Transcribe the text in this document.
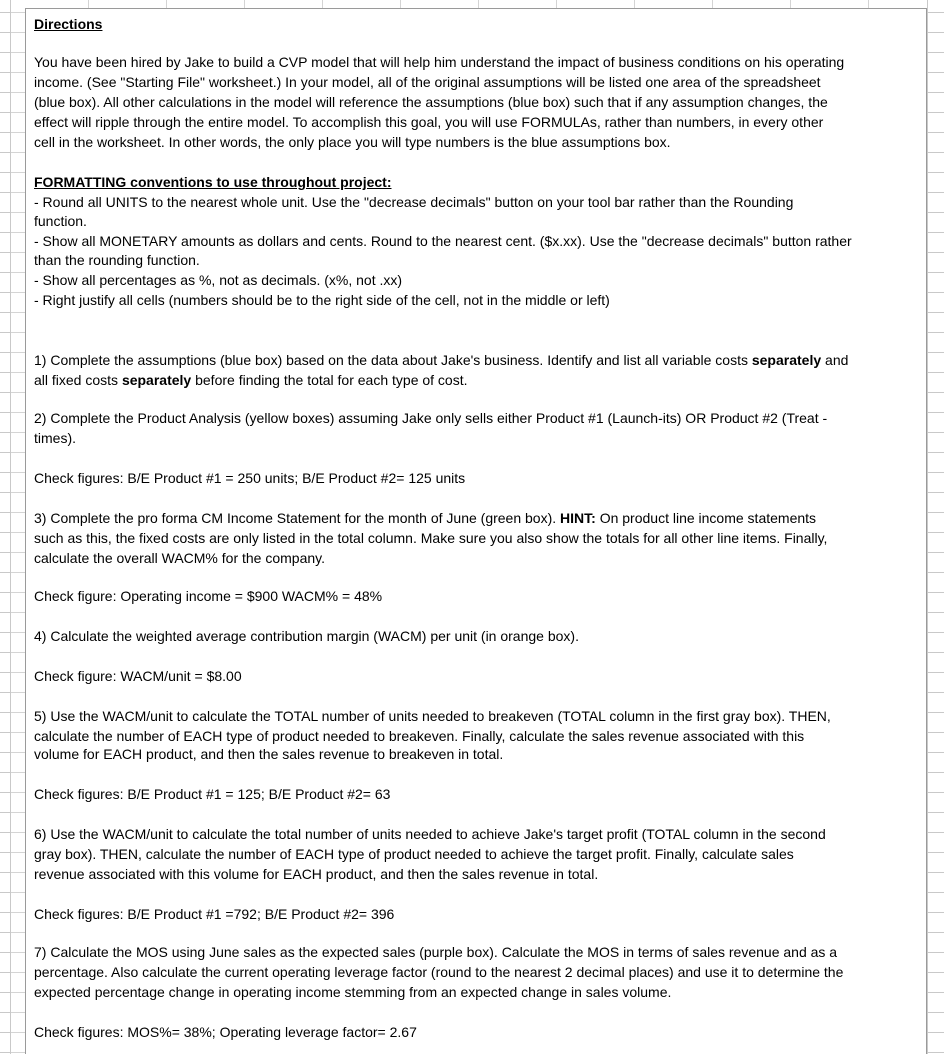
Directions
You have been hired by Jake to build a CVP model that will help him understand the impact of business conditions on his operating
income. (See "Starting File" worksheet.) In your model, all of the original assumptions will be listed one area of the spreadsheet
(blue box). All other calculations in the model will reference the assumptions (blue box) such that if any assumption changes, the
effect will ripple through the entire model. To accomplish this goal, you will use FORMULAs, rather than numbers, in every other
cell in the worksheet. In other words, the only place you will type numbers is the blue assumptions box.
FORMATTING conventions to use throughout project:
- Round all UNITS to the nearest whole unit. Use the "decrease decimals" button on your tool bar rather than the Rounding
function.
- Show all MONETARY amounts as dollars and cents. Round to the nearest cent. ($x.xx). Use the "decrease decimals" button rather
than the rounding function.
- Show all percentages as %, not as decimals. (x%, not .xx)
- Right justify all cells (numbers should be to the right side of the cell, not in the middle or left)
1) Complete the assumptions (blue box) based on the data about Jake's business. Identify and list all variable costs separately and
all fixed costs separately before finding the total for each type of cost.
2) Complete the Product Analysis (yellow boxes) assuming Jake only sells either Product #1 (Launch-its) OR Product #2 (Treat -
times).
Check figures: B/E Product #1 = 250 units; B/E Product #2= 125 units
3) Complete the pro forma CM Income Statement for the month of June (green box). HINT: On product line income statements
such as this, the fixed costs are only listed in the total column. Make sure you also show the totals for all other line items. Finally,
calculate the overall WACM% for the company.
Check figure: Operating income = $900 WACM% = 48%
4) Calculate the weighted average contribution margin (WACM) per unit (in orange box).
Check figure: WACM/unit = $8.00
5) Use the WACM/unit to calculate the TOTAL number of units needed to breakeven (TOTAL column in the first gray box). THEN,
calculate the number of EACH type of product needed to breakeven. Finally, calculate the sales revenue associated with this
volume for EACH product, and then the sales revenue to breakeven in total.
Check figures: B/E Product #1 = 125; B/E Product #2= 63
6) Use the WACM/unit to calculate the total number of units needed to achieve Jake's target profit (TOTAL column in the second
gray box). THEN, calculate the number of EACH type of product needed to achieve the target profit. Finally, calculate sales
revenue associated with this volume for EACH product, and then the sales revenue in total.
Check figures: B/E Product #1 =792; B/E Product #2= 396
7) Calculate the MOS using June sales as the expected sales (purple box). Calculate the MOS in terms of sales revenue and as a
percentage. Also calculate the current operating leverage factor (round to the nearest 2 decimal places) and use it to determine the
expected percentage change in operating income stemming from an expected change in sales volume.
Check figures: MOS%= 38%; Operating leverage factor= 2.67
